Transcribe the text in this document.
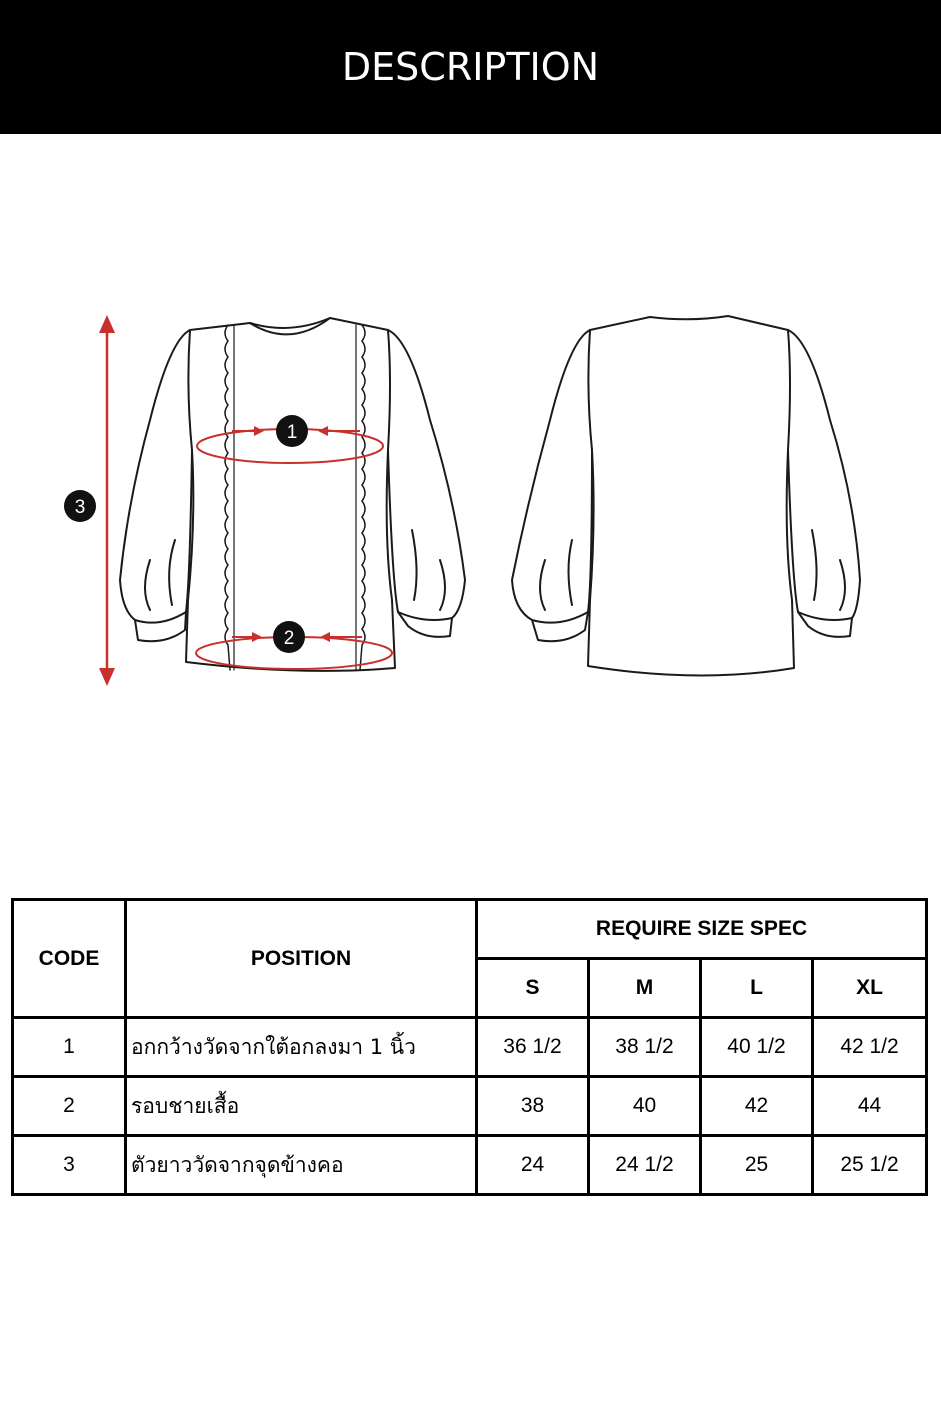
DESCRIPTION
1
2
3
CODE	POSITION	REQUIRE SIZE SPEC			
		S	M	L	XL
1	อกกว้างวัดจากใต้อกลงมา 1 นิ้ว	36 1/2	38 1/2	40 1/2	42 1/2
2	รอบชายเสื้อ	38	40	42	44
3	ตัวยาววัดจากจุดข้างคอ	24	24 1/2	25	25 1/2
